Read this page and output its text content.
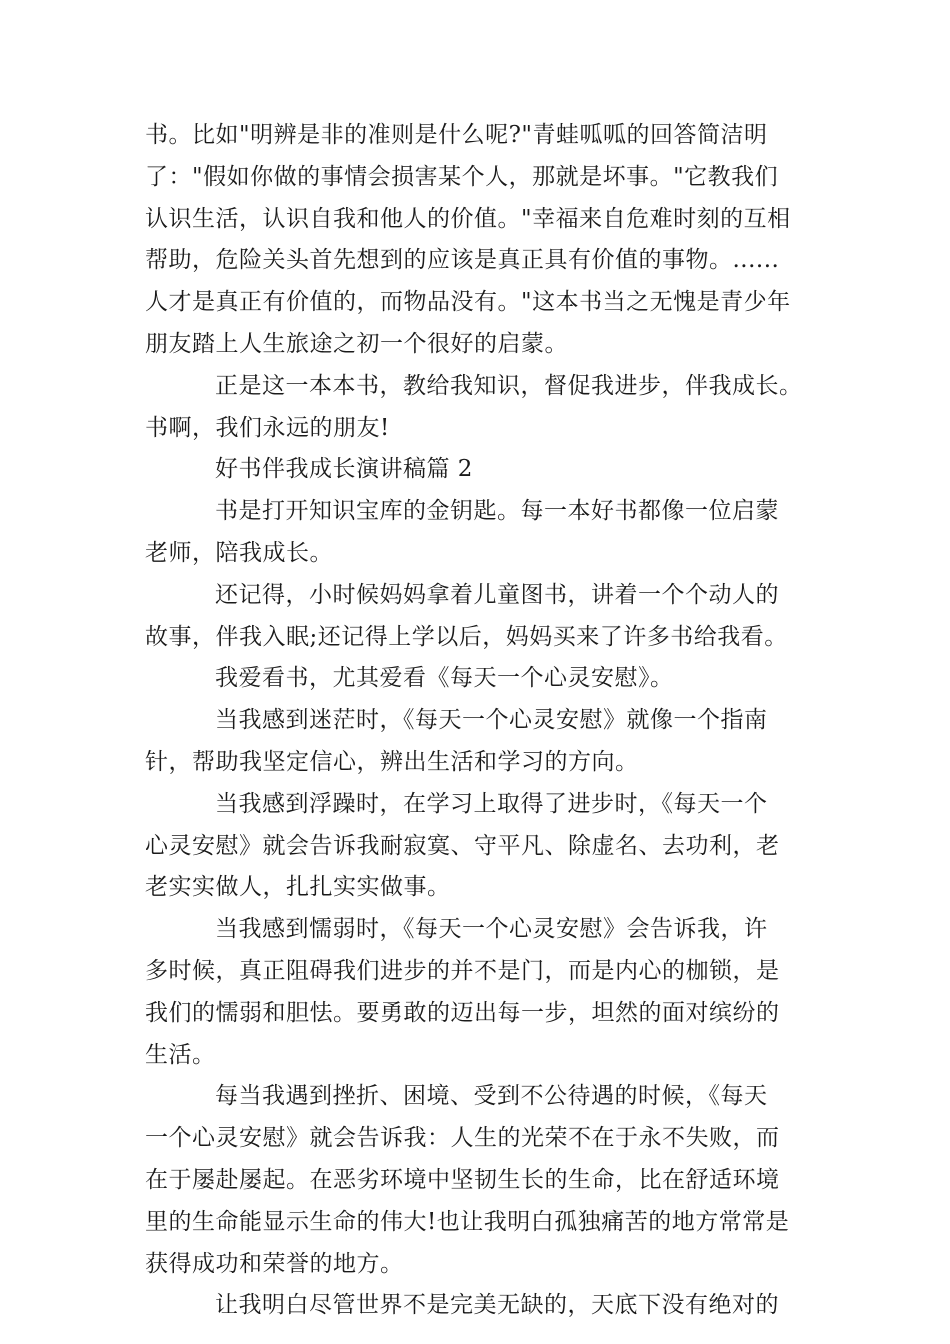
书。比如"明辨是非的准则是什么呢?"青蛙呱呱的回答简洁明
了："假如你做的事情会损害某个人，那就是坏事。"它教我们
认识生活，认识自我和他人的价值。"幸福来自危难时刻的互相
帮助，危险关头首先想到的应该是真正具有价值的事物。......
人才是真正有价值的，而物品没有。"这本书当之无愧是青少年
朋友踏上人生旅途之初一个很好的启蒙。
正是这一本本书，教给我知识，督促我进步，伴我成长。
书啊，我们永远的朋友!
好书伴我成长演讲稿篇 2
书是打开知识宝库的金钥匙。每一本好书都像一位启蒙
老师，陪我成长。
还记得，小时候妈妈拿着儿童图书，讲着一个个动人的
故事，伴我入眠;还记得上学以后，妈妈买来了许多书给我看。
我爱看书，尤其爱看《每天一个心灵安慰》。
当我感到迷茫时，《每天一个心灵安慰》就像一个指南
针，帮助我坚定信心，辨出生活和学习的方向。
当我感到浮躁时，在学习上取得了进步时，《每天一个
心灵安慰》就会告诉我耐寂寞、守平凡、除虚名、去功利，老
老实实做人，扎扎实实做事。
当我感到懦弱时，《每天一个心灵安慰》会告诉我，许
多时候，真正阻碍我们进步的并不是门，而是内心的枷锁，是
我们的懦弱和胆怯。要勇敢的迈出每一步，坦然的面对缤纷的
生活。
每当我遇到挫折、困境、受到不公待遇的时候，《每天
一个心灵安慰》就会告诉我：人生的光荣不在于永不失败，而
在于屡赴屡起。在恶劣环境中坚韧生长的生命，比在舒适环境
里的生命能显示生命的伟大!也让我明白孤独痛苦的地方常常是
获得成功和荣誉的地方。
让我明白尽管世界不是完美无缺的，天底下没有绝对的
